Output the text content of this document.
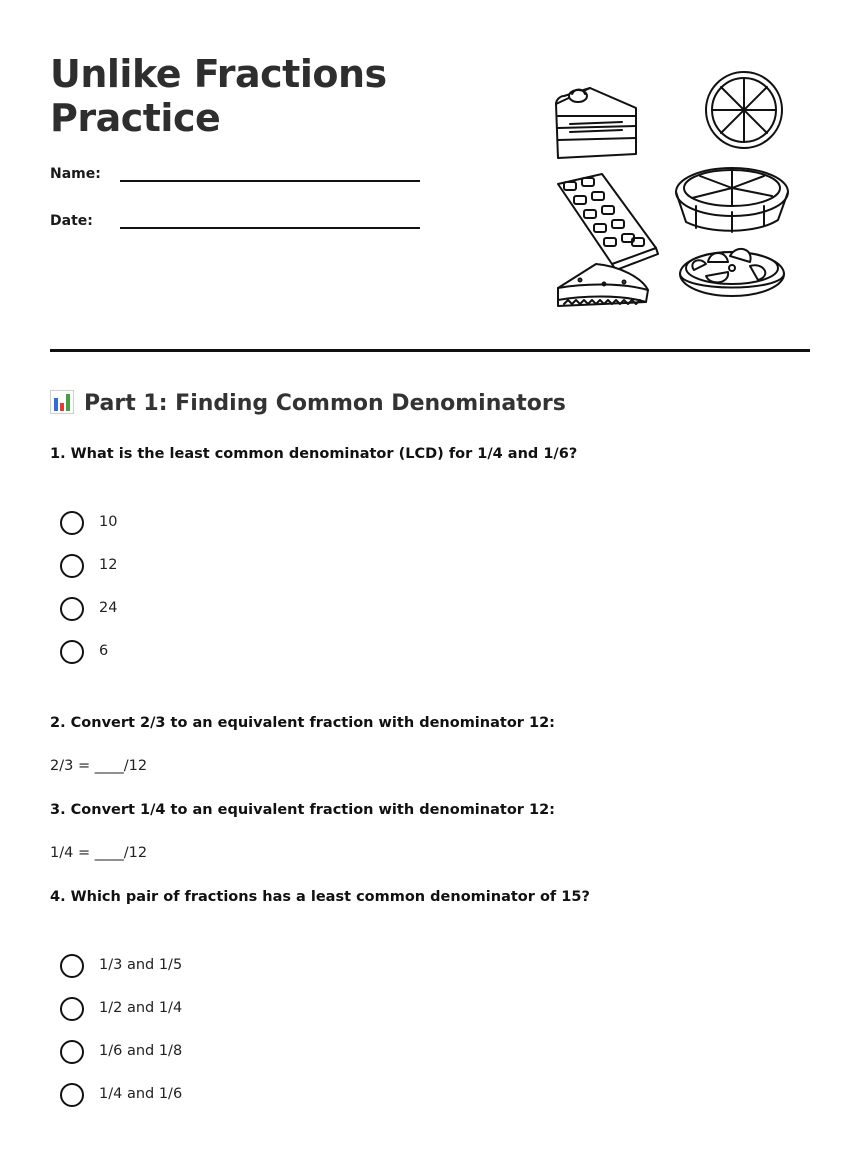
Unlike Fractions
Practice
Name:
Date:
Part 1: Finding Common Denominators
1. What is the least common denominator (LCD) for 1/4 and 1/6?
10
12
24
6
2. Convert 2/3 to an equivalent fraction with denominator 12:
2/3 = ____/12
3. Convert 1/4 to an equivalent fraction with denominator 12:
1/4 = ____/12
4. Which pair of fractions has a least common denominator of 15?
1/3 and 1/5
1/2 and 1/4
1/6 and 1/8
1/4 and 1/6
